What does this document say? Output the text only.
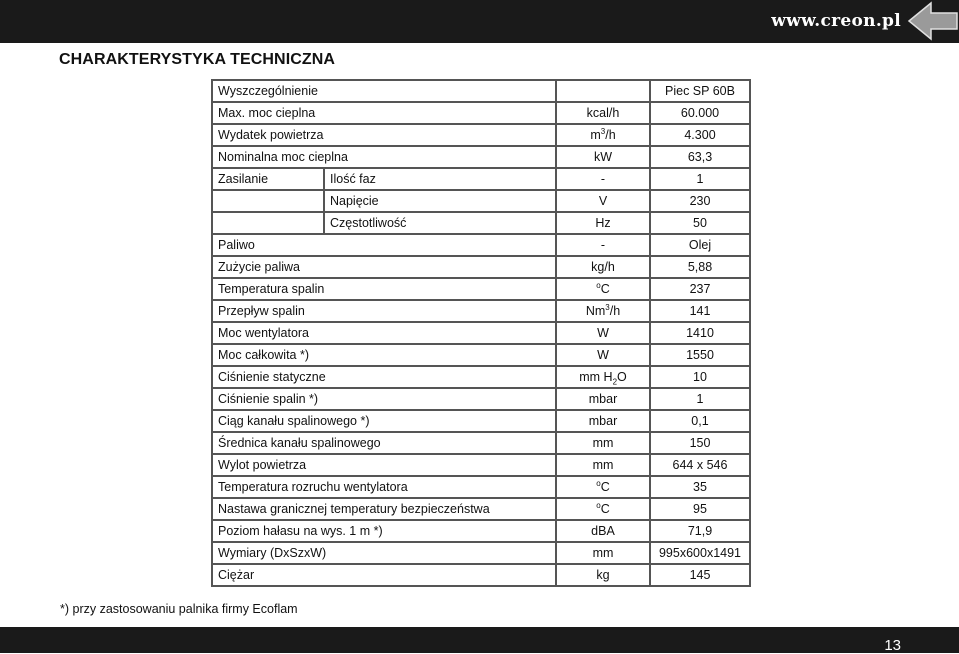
www.creon.pl
CHARAKTERYSTYKA TECHNICZNA
Wyszczególnienie			Piec SP 60B
Max. moc cieplna		kcal/h	60.000
Wydatek powietrza		$m^3/h$	4.300
Nominalna moc cieplna		kW	63,3
Zasilanie	Ilość faz	-	1
	Napięcie	V	230
	Częstotliwość	Hz	50
Paliwo		-	Olej
Zużycie paliwa		kg/h	5,88
Temperatura spalin		$^o$C	237
Przepływ spalin		Nm$^3$/h	141
Moc wentylatora		W	1410
Moc całkowita *)		W	1550
Ciśnienie statyczne		mm $H_2O$	10
Ciśnienie spalin *)		mbar	1
Ciąg kanału spalinowego *)		mbar	0,1
Średnica kanału spalinowego		mm	150
Wylot powietrza		mm	644 x 546
Temperatura rozruchu wentylatora		$^o$C	35
Nastawa granicznej temperatury bezpieczeństwa		$^o$C	95
Poziom hałasu na wys. 1 m *)		dBA	71,9
Wymiary (DxSzxW)		mm	995x600x1491
Ciężar		kg	145
*) przy zastosowaniu palnika firmy Ecoflam
13
